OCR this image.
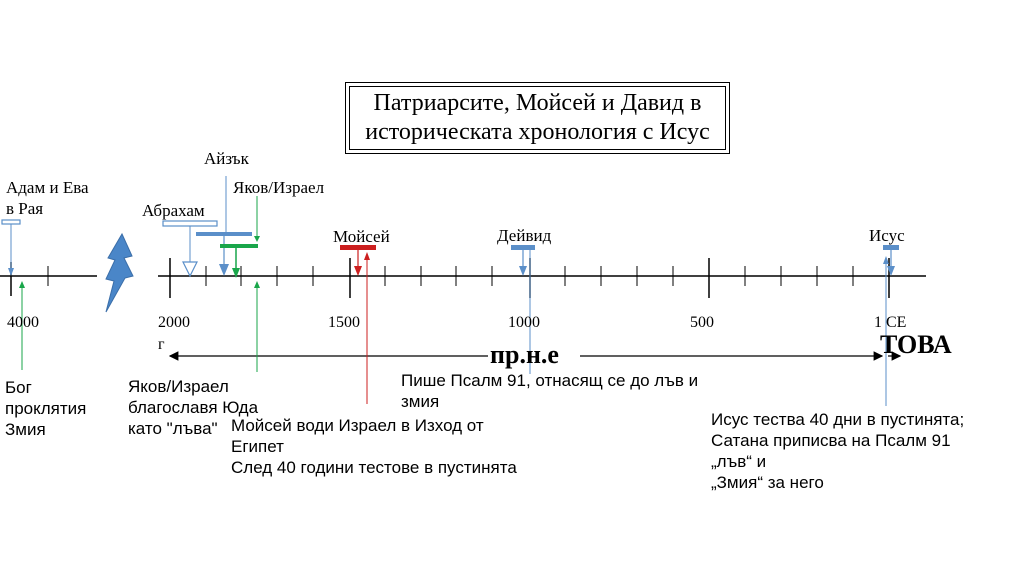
Патриарсите, Мойсей и Давид в
историческата хронология с Исус
Адам и Ева
в Рая	Абрахам
Айзък
Яков/Израел
Мойсей	Дейвид	Исус
4000	2000
г
1500	1000	500	1 CE
пр.н.е	ТОВА
Бог
проклятия
Змия
Яков/Израел
благославя Юда
като "лъва" Мойсей води Израел в Изход от
Египет
След 40 години тестове в пустинята
Пише Псалм 91, отнасящ се до лъв и
змия
Исус тества 40 дни в пустинята;
Сатана приписва на Псалм 91
„лъв“ и
„Змия“ за него
